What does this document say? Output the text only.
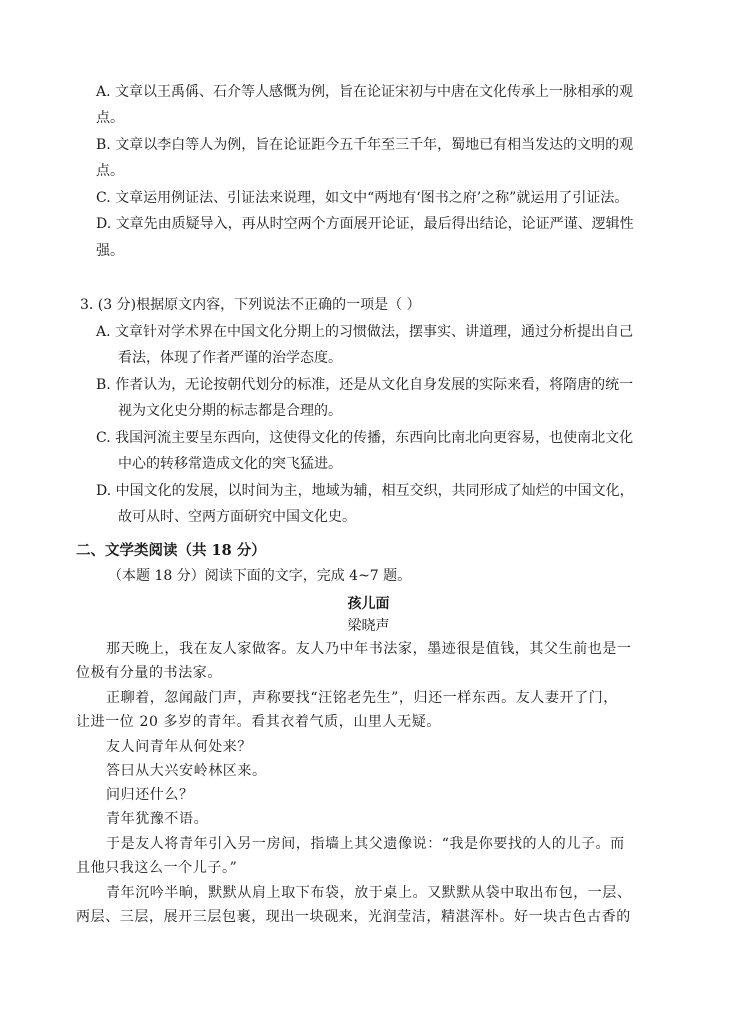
A. 文章以王禹偁、石介等人感慨为例，旨在论证宋初与中唐在文化传承上一脉相承的观
点。
B. 文章以李白等人为例，旨在论证距今五千年至三千年，蜀地已有相当发达的文明的观
点。
C. 文章运用例证法、引证法来说理，如文中“两地有‘图书之府’之称”就运用了引证法。
D. 文章先由质疑导入，再从时空两个方面展开论证，最后得出结论，论证严谨、逻辑性
强。
3. (3 分)根据原文内容，下列说法不正确的一项是（ ）
A. 文章针对学术界在中国文化分期上的习惯做法，摆事实、讲道理，通过分析提出自己
看法，体现了作者严谨的治学态度。
B. 作者认为，无论按朝代划分的标准，还是从文化自身发展的实际来看，将隋唐的统一
视为文化史分期的标志都是合理的。
C. 我国河流主要呈东西向，这使得文化的传播，东西向比南北向更容易，也使南北文化
中心的转移常造成文化的突飞猛进。
D. 中国文化的发展，以时间为主，地域为辅，相互交织，共同形成了灿烂的中国文化，
故可从时、空两方面研究中国文化史。
二、文学类阅读（共 18 分）
（本题 18 分）阅读下面的文字，完成 4~7 题。
孩儿面
梁晓声
那天晚上，我在友人家做客。友人乃中年书法家，墨迹很是值钱，其父生前也是一
位极有分量的书法家。
正聊着，忽闻敲门声，声称要找“汪铭老先生”，归还一样东西。友人妻开了门，
让进一位 20 多岁的青年。看其衣着气质，山里人无疑。
友人问青年从何处来？
答曰从大兴安岭林区来。
问归还什么？
青年犹豫不语。
于是友人将青年引入另一房间，指墙上其父遗像说：“我是你要找的人的儿子。而
且他只我这么一个儿子。”
青年沉吟半晌，默默从肩上取下布袋，放于桌上。又默默从袋中取出布包，一层、
两层、三层，展开三层包裹，现出一块砚来，光润莹洁，精湛浑朴。好一块古色古香的
